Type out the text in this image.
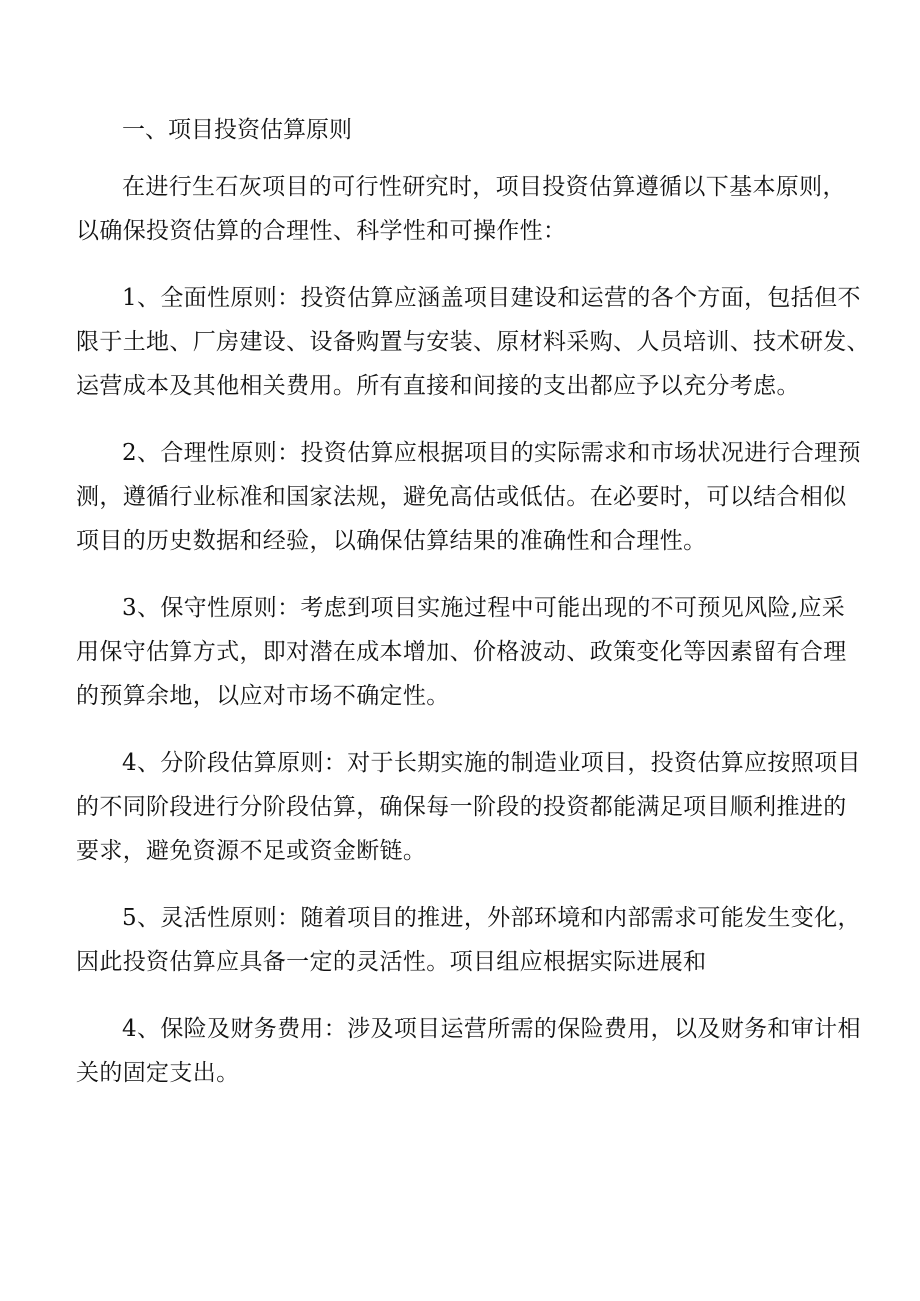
一、项目投资估算原则
在进行生石灰项目的可行性研究时，项目投资估算遵循以下基本原则，
以确保投资估算的合理性、科学性和可操作性：
1、全面性原则：投资估算应涵盖项目建设和运营的各个方面，包括但不
限于土地、厂房建设、设备购置与安装、原材料采购、人员培训、技术研发、
运营成本及其他相关费用。所有直接和间接的支出都应予以充分考虑。
2、合理性原则：投资估算应根据项目的实际需求和市场状况进行合理预
测，遵循行业标准和国家法规，避免高估或低估。在必要时，可以结合相似
项目的历史数据和经验，以确保估算结果的准确性和合理性。
3、保守性原则：考虑到项目实施过程中可能出现的不可预见风险,应采
用保守估算方式，即对潜在成本增加、价格波动、政策变化等因素留有合理
的预算余地，以应对市场不确定性。
4、分阶段估算原则：对于长期实施的制造业项目，投资估算应按照项目
的不同阶段进行分阶段估算，确保每一阶段的投资都能满足项目顺利推进的
要求，避免资源不足或资金断链。
5、灵活性原则：随着项目的推进，外部环境和内部需求可能发生变化，
因此投资估算应具备一定的灵活性。项目组应根据实际进展和
4、保险及财务费用：涉及项目运营所需的保险费用，以及财务和审计相
关的固定支出。
